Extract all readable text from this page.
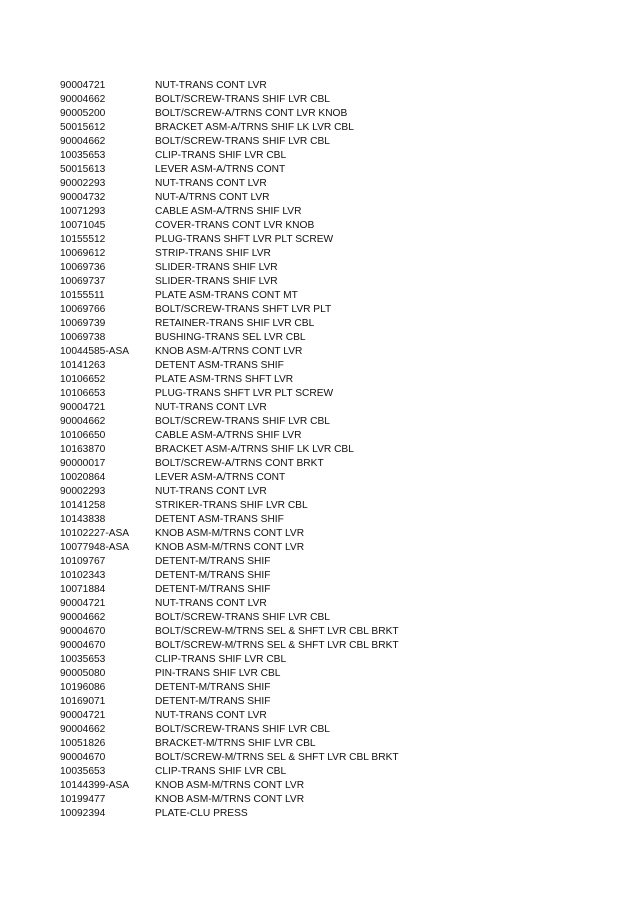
90004721	NUT-TRANS CONT LVR
90004662	BOLT/SCREW-TRANS SHIF LVR CBL
90005200	BOLT/SCREW-A/TRNS CONT LVR KNOB
50015612	BRACKET ASM-A/TRNS SHIF LK LVR CBL
90004662	BOLT/SCREW-TRANS SHIF LVR CBL
10035653	CLIP-TRANS SHIF LVR CBL
50015613	LEVER ASM-A/TRNS CONT
90002293	NUT-TRANS CONT LVR
90004732	NUT-A/TRNS CONT LVR
10071293	CABLE ASM-A/TRNS SHIF LVR
10071045	COVER-TRANS CONT LVR KNOB
10155512	PLUG-TRANS SHFT LVR PLT SCREW
10069612	STRIP-TRANS SHIF LVR
10069736	SLIDER-TRANS SHIF LVR
10069737	SLIDER-TRANS SHIF LVR
10155511	PLATE ASM-TRANS CONT MT
10069766	BOLT/SCREW-TRANS SHFT LVR PLT
10069739	RETAINER-TRANS SHIF LVR CBL
10069738	BUSHING-TRANS SEL LVR CBL
10044585-ASA	KNOB ASM-A/TRNS CONT LVR
10141263	DETENT ASM-TRANS SHIF
10106652	PLATE ASM-TRNS SHFT LVR
10106653	PLUG-TRANS SHFT LVR PLT SCREW
90004721	NUT-TRANS CONT LVR
90004662	BOLT/SCREW-TRANS SHIF LVR CBL
10106650	CABLE ASM-A/TRNS SHIF LVR
10163870	BRACKET ASM-A/TRNS SHIF LK LVR CBL
90000017	BOLT/SCREW-A/TRNS CONT BRKT
10020864	LEVER ASM-A/TRNS CONT
90002293	NUT-TRANS CONT LVR
10141258	STRIKER-TRANS SHIF LVR CBL
10143838	DETENT ASM-TRANS SHIF
10102227-ASA	KNOB ASM-M/TRNS CONT LVR
10077948-ASA	KNOB ASM-M/TRNS CONT LVR
10109767	DETENT-M/TRANS SHIF
10102343	DETENT-M/TRANS SHIF
10071884	DETENT-M/TRANS SHIF
90004721	NUT-TRANS CONT LVR
90004662	BOLT/SCREW-TRANS SHIF LVR CBL
90004670	BOLT/SCREW-M/TRNS SEL & SHFT LVR CBL BRKT
90004670	BOLT/SCREW-M/TRNS SEL & SHFT LVR CBL BRKT
10035653	CLIP-TRANS SHIF LVR CBL
90005080	PIN-TRANS SHIF LVR CBL
10196086	DETENT-M/TRANS SHIF
10169071	DETENT-M/TRANS SHIF
90004721	NUT-TRANS CONT LVR
90004662	BOLT/SCREW-TRANS SHIF LVR CBL
10051826	BRACKET-M/TRNS SHIF LVR CBL
90004670	BOLT/SCREW-M/TRNS SEL & SHFT LVR CBL BRKT
10035653	CLIP-TRANS SHIF LVR CBL
10144399-ASA	KNOB ASM-M/TRNS CONT LVR
10199477	KNOB ASM-M/TRNS CONT LVR
10092394	PLATE-CLU PRESS
